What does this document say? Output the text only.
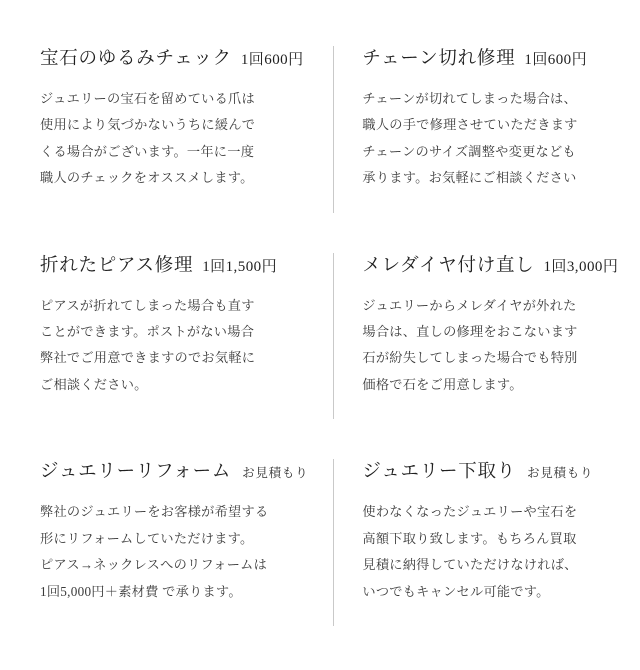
宝石のゆるみチェック 1回600円
ジュエリーの宝石を留めている爪は
使用により気づかないうちに緩んで
くる場合がございます。一年に一度
職人のチェックをオススメします。
チェーン切れ修理 1回600円
チェーンが切れてしまった場合は、
職人の手で修理させていただきます
チェーンのサイズ調整や変更なども
承ります。お気軽にご相談ください
折れたピアス修理 1回1,500円
ピアスが折れてしまった場合も直す
ことができます。ポストがない場合
弊社でご用意できますのでお気軽に
ご相談ください。
メレダイヤ付け直し 1回3,000円
ジュエリーからメレダイヤが外れた
場合は、直しの修理をおこないます
石が紛失してしまった場合でも特別
価格で石をご用意します。
ジュエリーリフォーム お見積もり
弊社のジュエリーをお客様が希望する
形にリフォームしていただけます。
ピアス→ネックレスへのリフォームは
1回5,000円＋素材費 で承ります。
ジュエリー下取り お見積もり
使わなくなったジュエリーや宝石を
高額下取り致します。もちろん買取
見積に納得していただけなければ、
いつでもキャンセル可能です。
